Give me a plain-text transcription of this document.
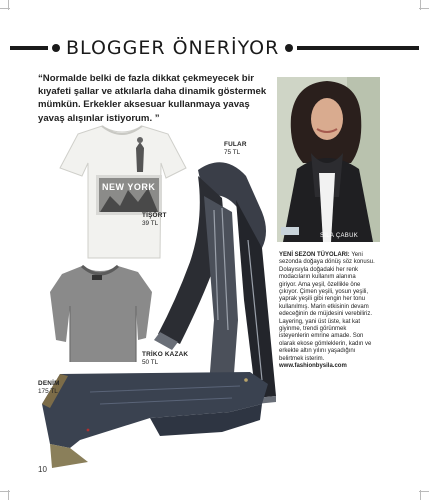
BLOGGER ÖNERİYOR
“Normalde belki de fazla dikkat çekmeyecek bir kıyafeti şallar ve atkılarla daha dinamik göstermek mümkün. Erkekler aksesuar kullanmaya yavaş yavaş alışınlar istiyorum. ”
NEW YORK
TİŞÖRT
39 TL
FULAR
75 TL
TRİKO KAZAK
50 TL
DENİM
175 TL
SILA ÇABUK
YENİ SEZON TÜYOLARI: Yeni sezonda doğaya dönüş söz konusu. Dolayısıyla doğadaki her renk modacıların kullanım alanına giriyor. Ama yeşil, özellikle öne çıkıyor. Çimen yeşili, yosun yeşili, yaprak yeşili gibi rengin her tonu kullanılmış. Marin etkisinin devam edeceğinin de müjdesini verebiliriz. Layering, yani üst üste, kat kat giyinme, trendi görünmek isteyenlerin emrine amade. Son olarak ekose gömleklerin, kadın ve erkekte altın yılını yaşadığını belirtmek isterim.
www.fashionbysila.com
10
